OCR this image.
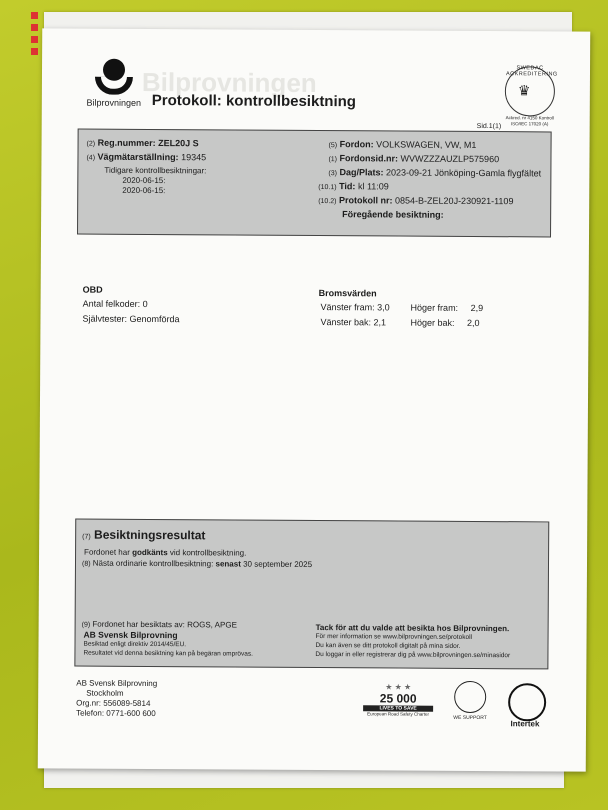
Bilprovningen
Bilprovningen
Protokoll: kontrollbesiktning
SWEDAC ACKREDITERING
♛
Ackred. nr 4150 Kontroll ISO/IEC 17020 (A)
Sid.1(1)
(2) Reg.nummer: ZEL20J S
(4) Vägmätarställning: 19345
Tidigare kontrollbesiktningar:
2020-06-15:
2020-06-15:
(5) Fordon: VOLKSWAGEN, VW, M1
(1) Fordonsid.nr: WVWZZZAUZLP575960
(3) Dag/Plats: 2023-09-21 Jönköping-Gamla flygfältet
(10.1) Tid: kl 11:09
(10.2) Protokoll nr: 0854-B-ZEL20J-230921-1109
Föregående besiktning:
OBD
Antal felkoder: 0
Självtester: Genomförda
Bromsvärden
Vänster fram: 3,0 Höger fram: 2,9
Vänster bak: 2,1	Höger bak: 2,0
(7) Besiktningsresultat
Fordonet har godkänts vid kontrollbesiktning.
(8) Nästa ordinarie kontrollbesiktning: senast 30 september 2025
(9) Fordonet har besiktats av: ROGS, APGE
AB Svensk Bilprovning
Besiktad enligt direktiv 2014/45/EU.
Resultatet vid denna besiktning kan på begäran omprövas.
Tack för att du valde att besikta hos Bilprovningen.
För mer information se www.bilprovningen.se/protokoll
Du kan även se ditt protokoll digitalt på mina sidor.
Du loggar in eller registrerar dig på www.bilprovningen.se/minasidor
AB Svensk Bilprovning
Stockholm
Org.nr: 556089-5814
Telefon: 0771-600 600
★ ★ ★
25 000
LIVES TO SAVE
European Road Safety Charter
WE SUPPORT
Intertek
